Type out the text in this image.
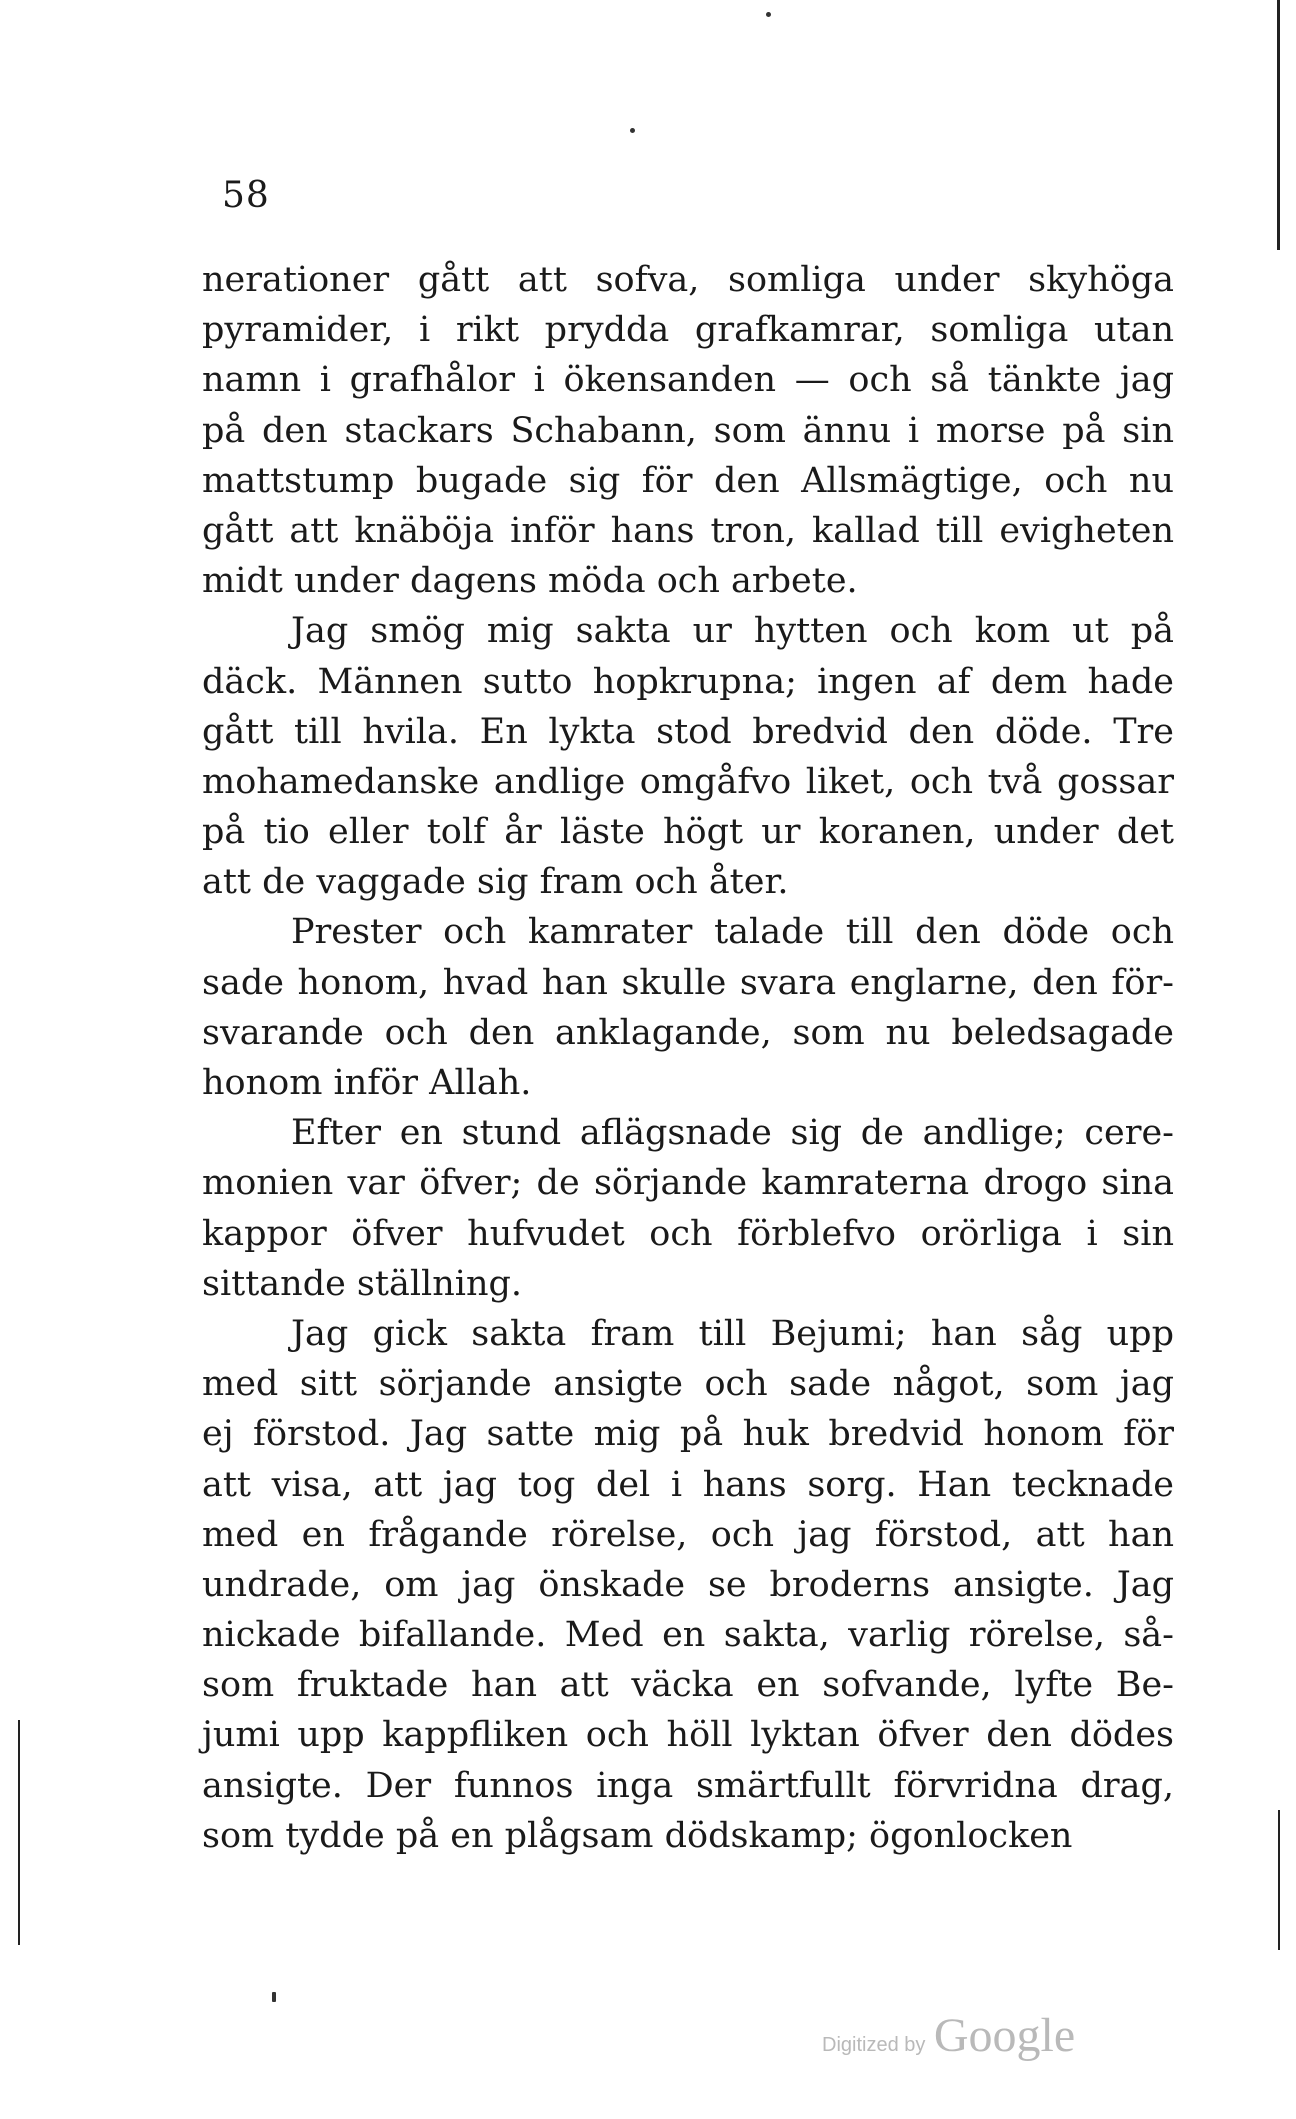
58
nerationer gått att sofva, somliga under skyhöga
pyramider, i rikt prydda grafkamrar, somliga utan
namn i grafhålor i ökensanden — och så tänkte jag
på den stackars Schabann, som ännu i morse på sin
mattstump bugade sig för den Allsmägtige, och nu
gått att knäböja inför hans tron, kallad till evigheten
midt under dagens möda och arbete.
Jag smög mig sakta ur hytten och kom ut på
däck. Männen sutto hopkrupna; ingen af dem hade
gått till hvila. En lykta stod bredvid den döde. Tre
mohamedanske andlige omgåfvo liket, och två gossar
på tio eller tolf år läste högt ur koranen, under det
att de vaggade sig fram och åter.
Prester och kamrater talade till den döde och
sade honom, hvad han skulle svara englarne, den för-
svarande och den anklagande, som nu beledsagade
honom inför Allah.
Efter en stund aflägsnade sig de andlige; cere-
monien var öfver; de sörjande kamraterna drogo sina
kappor öfver hufvudet och förblefvo orörliga i sin
sittande ställning.
Jag gick sakta fram till Bejumi; han såg upp
med sitt sörjande ansigte och sade något, som jag
ej förstod. Jag satte mig på huk bredvid honom för
att visa, att jag tog del i hans sorg. Han tecknade
med en frågande rörelse, och jag förstod, att han
undrade, om jag önskade se broderns ansigte. Jag
nickade bifallande. Med en sakta, varlig rörelse, så-
som fruktade han att väcka en sofvande, lyfte Be-
jumi upp kappfliken och höll lyktan öfver den dödes
ansigte. Der funnos inga smärtfullt förvridna drag,
som tydde på en plågsam dödskamp; ögonlocken
Digitized by Google
